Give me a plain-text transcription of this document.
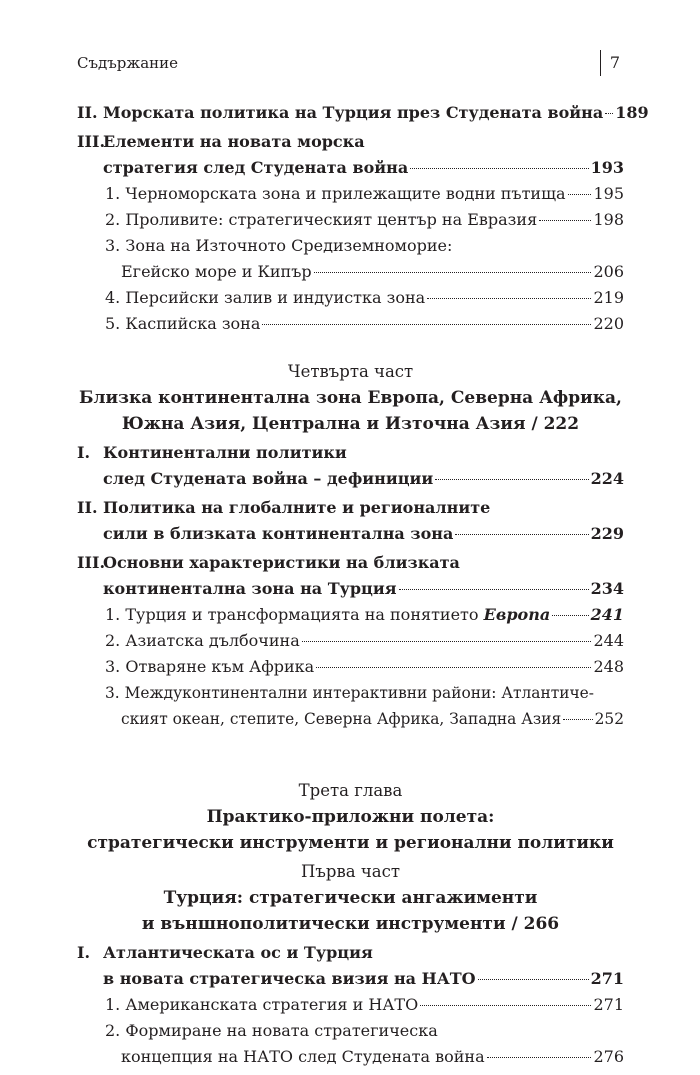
Съдържание	7
II. Морската политика на Турция през Студената война 189
III.
Елементи на новата морска
стратегия след Студената война	193
1. Черноморската зона и прилежащите водни пътища 195
2. Проливите: стратегическият център на Евразия	198
3. Зона на Източното Средиземноморие:
Егейско море и Кипър	206
4. Персийски залив и индуистка зона	219
5. Каспийска зона	220
Четвърта част
Близка континентална зона Европа, Северна Африка,
Южна Азия, Централна и Източна Азия / 222
I. Континентални политики
след Студената война – дефиниции	224
II. Политика на глобалните и регионалните
сили в близката континентална зона	229
III.
Основни характеристики на близката
континентална зона на Турция	234
1. Турция и трансформацията на понятието Европа	241
2. Азиатска дълбочина	244
3. Отваряне към Африка	248
3. Междуконтинентални интерактивни райони: Атлантиче-
ският океан, степите, Северна Африка, Западна Азия 252
Трета глава
Практико-приложни полета:
стратегически инструменти и регионални политики
Първа част
Турция: стратегически ангажименти
и външнополитически инструменти / 266
I. Атлантическата ос и Турция
в новата стратегическа визия на НАТО	271
1. Американската стратегия и НАТО	271
2. Формиране на новата стратегическа
концепция на НАТО след Студената война	276
